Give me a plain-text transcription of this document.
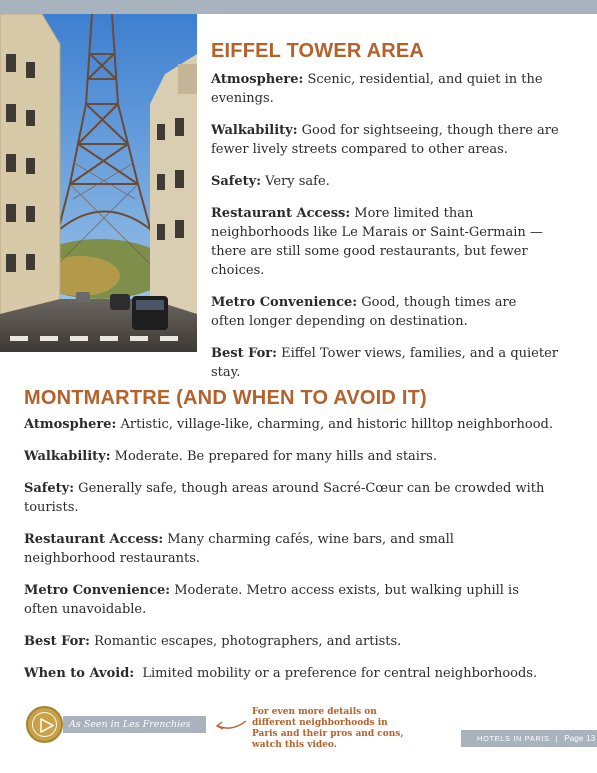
EIFFEL TOWER AREA

Atmosphere: Scenic, residential, and quiet in the evenings.

Walkability: Good for sightseeing, though there are fewer lively streets compared to other areas.

Safety: Very safe.

Restaurant Access: More limited than neighborhoods like Le Marais or Saint-Germain — there are still some good restaurants, but fewer choices.

Metro Convenience: Good, though times are often longer depending on destination.

Best For: Eiffel Tower views, families, and a quieter stay.

MONTMARTRE (AND WHEN TO AVOID IT)

Atmosphere: Artistic, village-like, charming, and historic hilltop neighborhood.

Walkability: Moderate. Be prepared for many hills and stairs.

Safety: Generally safe, though areas around Sacré-Cœur can be crowded with tourists.

Restaurant Access: Many charming cafés, wine bars, and small neighborhood restaurants.

Metro Convenience: Moderate. Metro access exists, but walking uphill is often unavoidable.

Best For: Romantic escapes, photographers, and artists.

When to Avoid:  Limited mobility or a preference for central neighborhoods.

As Seen in Les Frenchies Video
For even more details on different neighborhoods in Paris and their pros and cons, watch this video.
HOTELS IN PARIS | Page 13
